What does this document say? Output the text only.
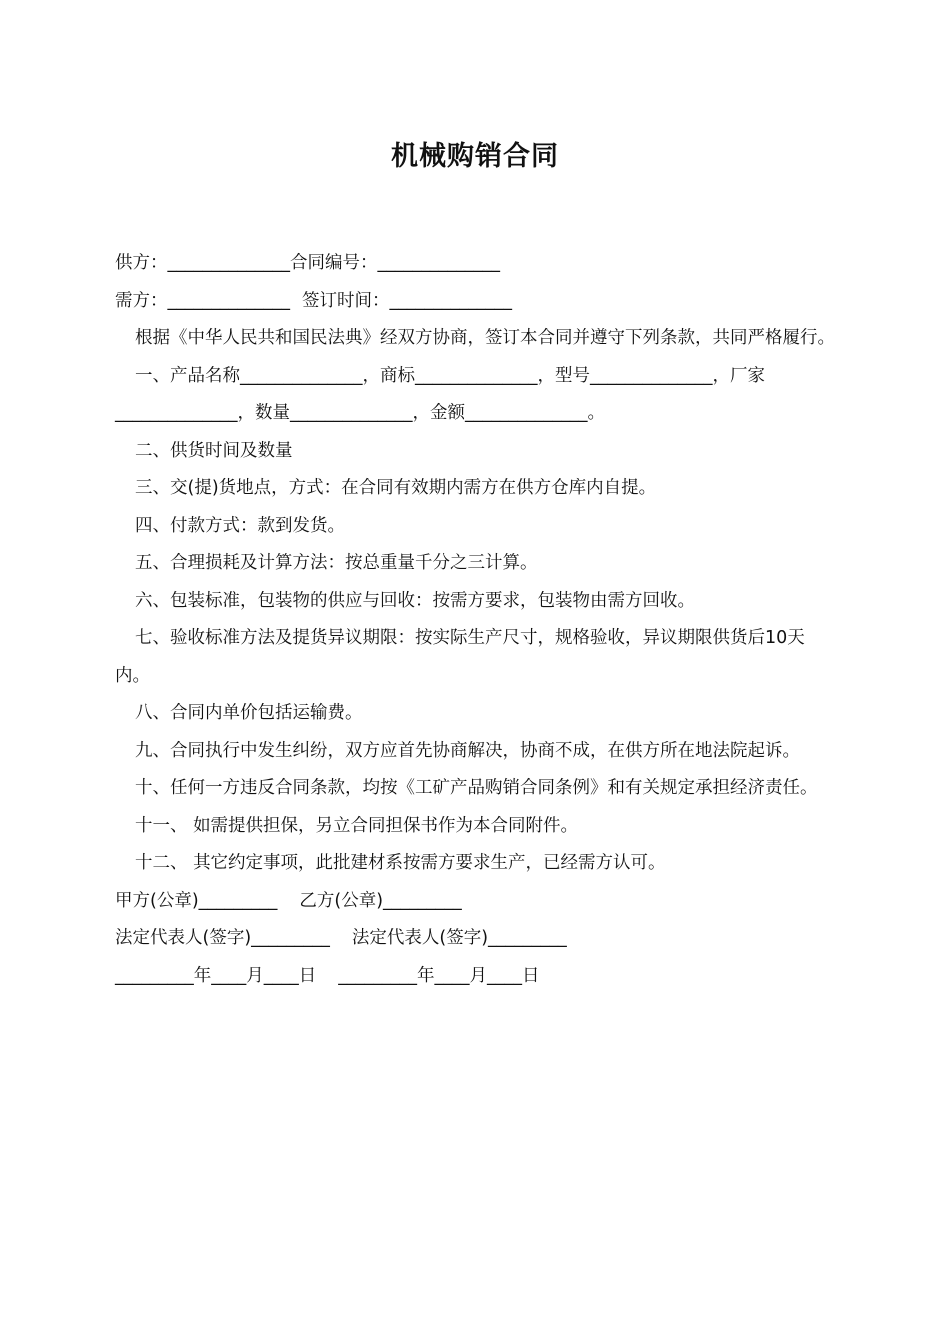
机械购销合同

供方：______________合同编号：______________

需方：______________ 签订时间：______________

根据《中华人民共和国民法典》经双方协商，签订本合同并遵守下列条款，共同严格履行。

一、产品名称______________，商标______________，型号______________，厂家______________，数量______________，金额______________。

二、供货时间及数量

三、交(提)货地点，方式：在合同有效期内需方在供方仓库内自提。

四、付款方式：款到发货。

五、合理损耗及计算方法：按总重量千分之三计算。

六、包装标准，包装物的供应与回收：按需方要求，包装物由需方回收。

七、验收标准方法及提货异议期限：按实际生产尺寸，规格验收，异议期限供货后10天内。

八、合同内单价包括运输费。

九、合同执行中发生纠纷，双方应首先协商解决，协商不成，在供方所在地法院起诉。

十、任何一方违反合同条款，均按《工矿产品购销合同条例》和有关规定承担经济责任。

十一、 如需提供担保，另立合同担保书作为本合同附件。

十二、 其它约定事项，此批建材系按需方要求生产，已经需方认可。

甲方(公章)_________ 乙方(公章)_________

法定代表人(签字)_________ 法定代表人(签字)_________

_________年____月____日 _________年____月____日
